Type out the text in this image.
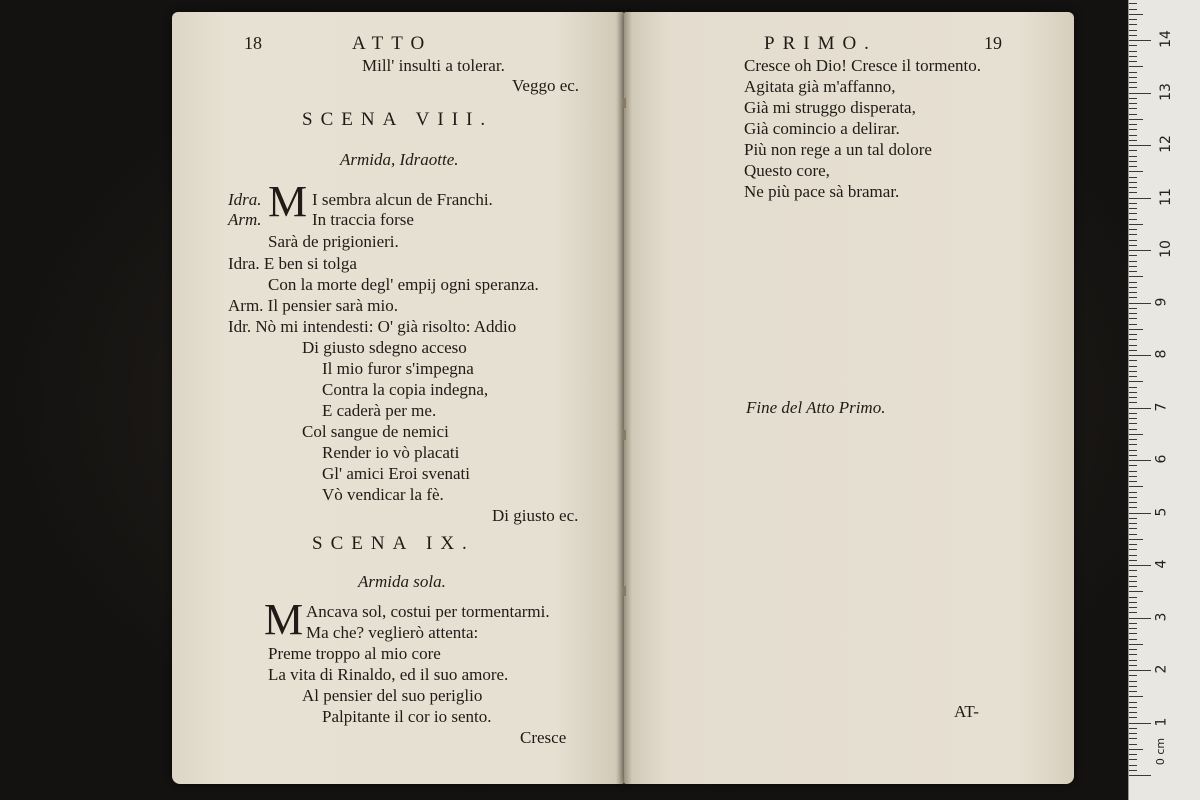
18	ATTO
Mill' insulti a tolerar.
Veggo ec.
SCENA VIII.
Armida, Idraotte.
Idra. M I sembra alcun de Franchi.
Arm.	In traccia forse
Sarà de prigionieri.
Idra. E ben si tolga
Con la morte degl' empij ogni speranza.
Arm. Il pensier sarà mio.
Idr. Nò mi intendesti: O' già risolto: Addio
Di giusto sdegno acceso
Il mio furor s'impegna
Contra la copia indegna,
E caderà per me.
Col sangue de nemici
Render io vò placati
Gl' amici Eroi svenati
Vò vendicar la fè.
Di giusto ec.
SCENA IX.
Armida sola.
M Ancava sol, costui per tormentarmi.
Ma che? veglierò attenta:
Preme troppo al mio core
La vita di Rinaldo, ed il suo amore.
Al pensier del suo periglio
Palpitante il cor io sento.
Cresce
PRIMO.	19
Cresce oh Dio! Cresce il tormento.
Agitata già m'affanno,
Già mi struggo disperata,
Già comincio a delirar.
Più non rege a un tal dolore
Questo core,
Ne più pace sà bramar.
Fine del Atto Primo.
AT-
0 cm
1
2
3
4
5
6
7
8
9
10
11
12
13
14
